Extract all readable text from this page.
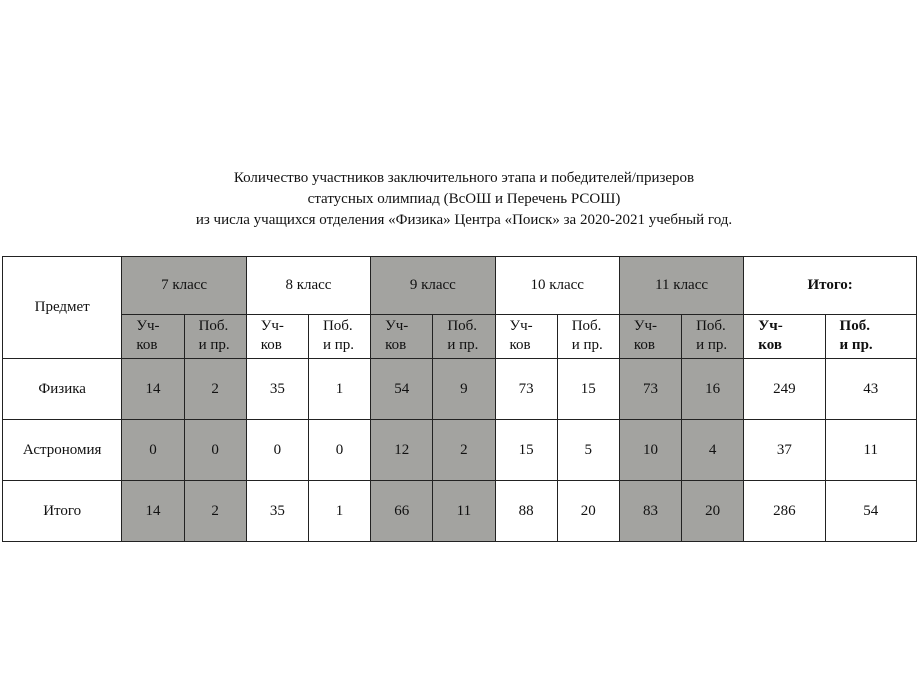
Количество участников заключительного этапа и победителей/призеров
статусных олимпиад (ВсОШ и Перечень РСОШ)
из числа учащихся отделения «Физика» Центра «Поиск» за 2020-2021 учебный год.
Предмет	7 класс		8 класс		9 класс		10 класс		11 класс		Итого:	

	Уч-
ков	Поб.
и пр.	Уч-
ков	Поб.
и пр.	Уч-
ков	Поб.
и пр.	Уч-
ков	Поб.
и пр.	Уч-
ков	Поб.
и пр.	Уч-
ков	Поб.
и пр.

Физика	14	2	35	1	54	9	73	15	73	16	249	43
Астрономия	0	0	0	0	12	2	15	5	10	4	37	11
Итого	14	2	35	1	66	11	88	20	83	20	286	54
